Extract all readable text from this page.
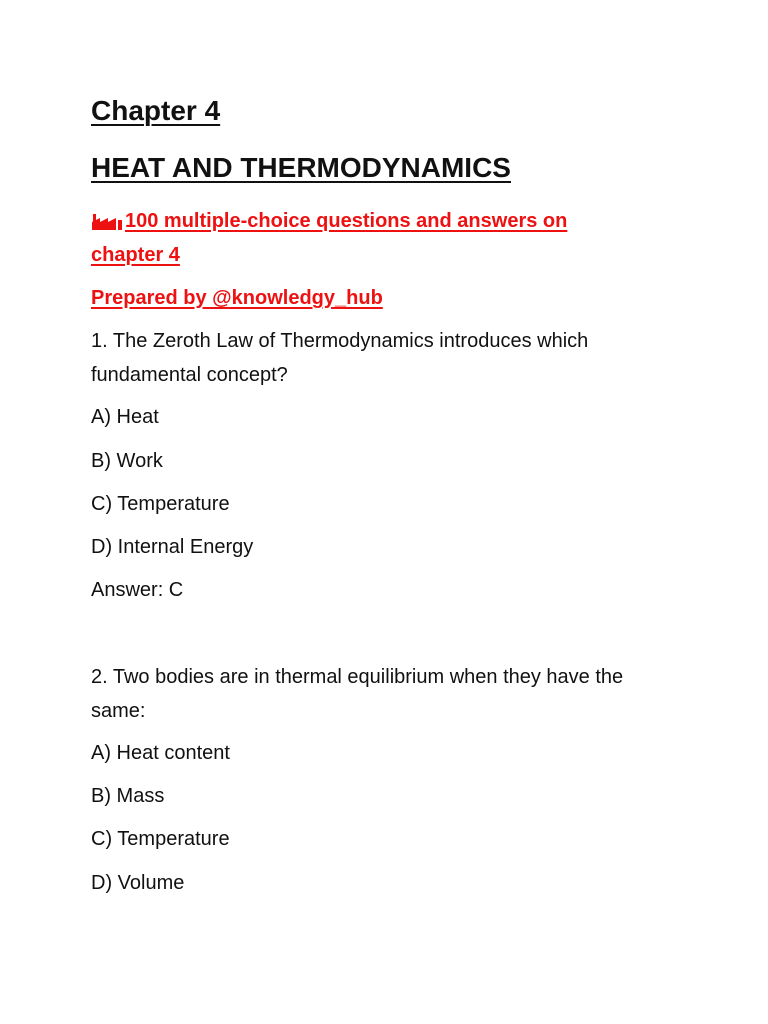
Chapter 4
HEAT AND THERMODYNAMICS
100 multiple-choice questions and answers on
chapter 4
Prepared by @knowledgy_hub
1. The Zeroth Law of Thermodynamics introduces which
fundamental concept?
A) Heat
B) Work
C) Temperature
D) Internal Energy
Answer: C
2. Two bodies are in thermal equilibrium when they have the
same:
A) Heat content
B) Mass
C) Temperature
D) Volume
